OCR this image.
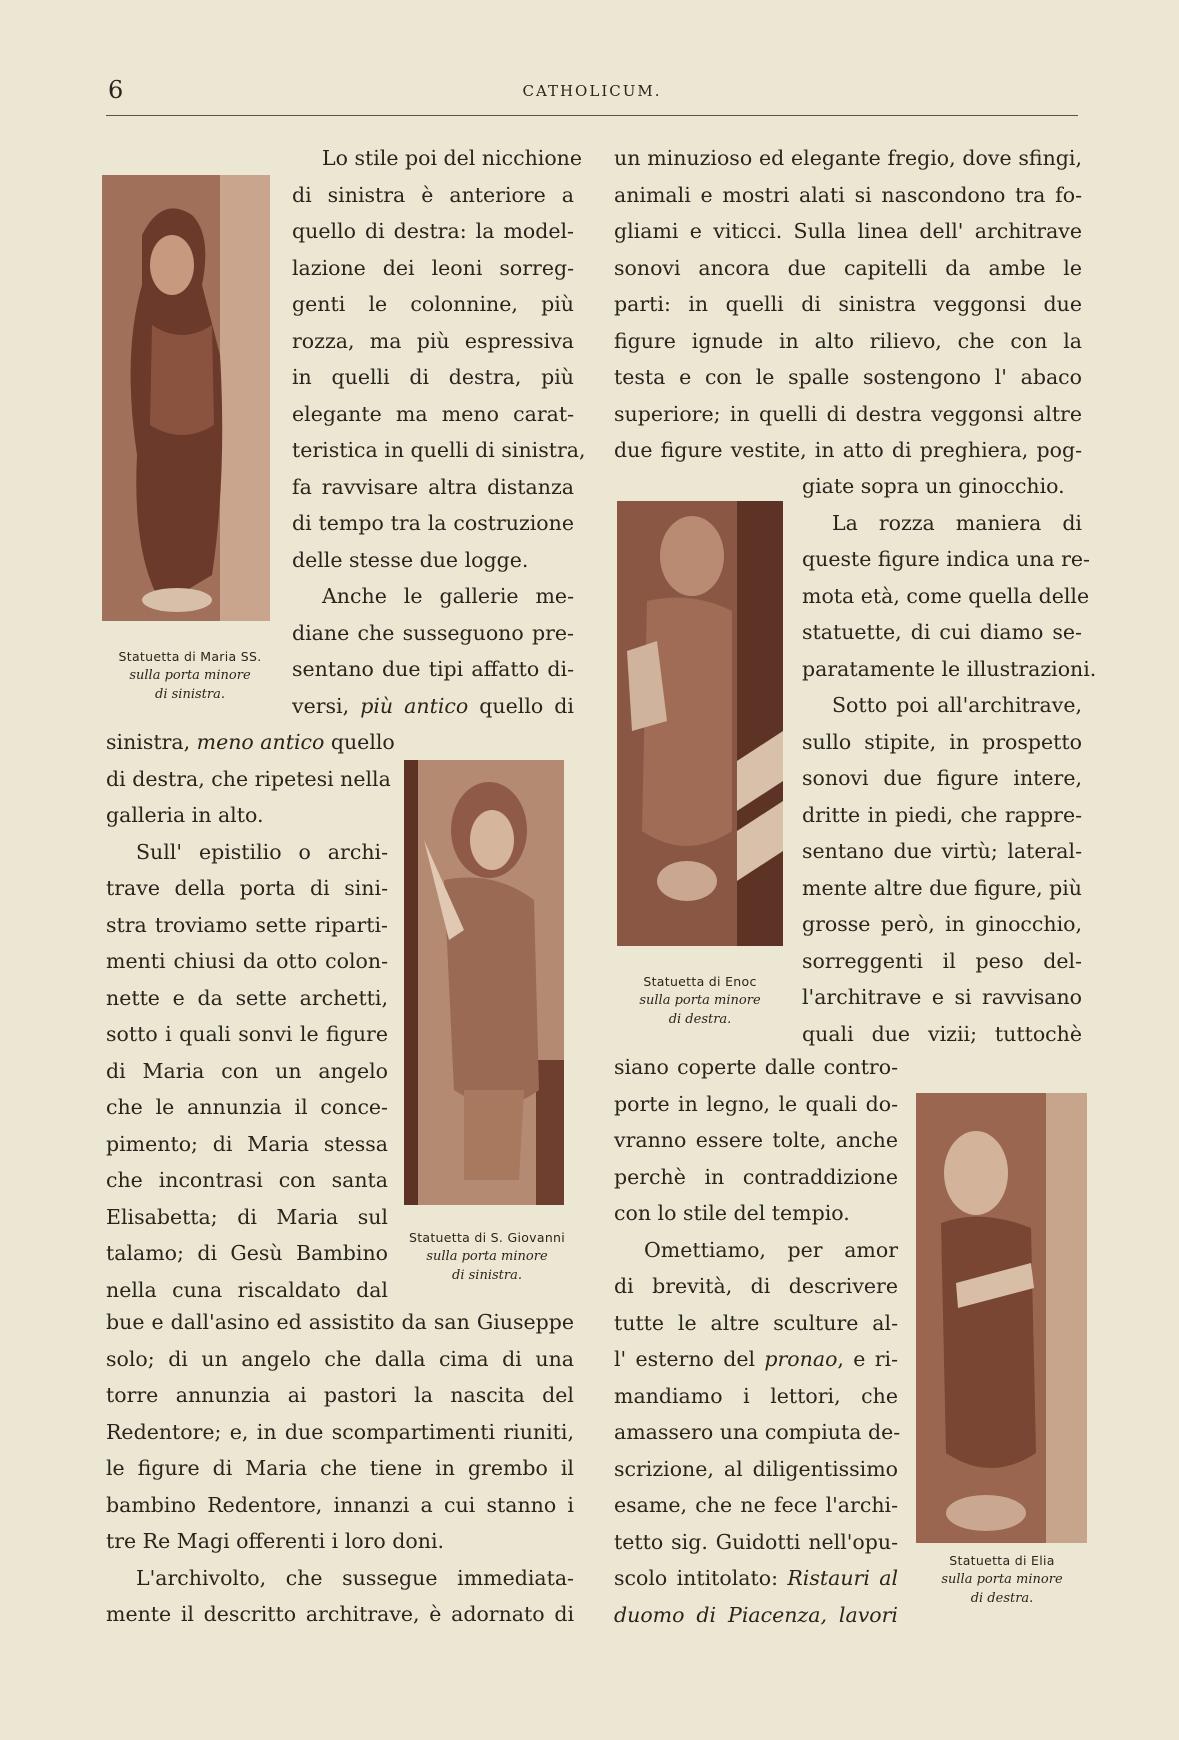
6	CATHOLICUM.
Statuetta di Maria SS.
sulla porta minore
di sinistra.
Statuetta di S. Giovanni
sulla porta minore
di sinistra.
Statuetta di Enoc
sulla porta minore
di destra.
Statuetta di Elia
sulla porta minore
di destra.
Lo stile poi del nicchione
di sinistra è anteriore a
quello di destra: la model-
lazione dei leoni sorreg-
genti le colonnine, più
rozza, ma più espressiva
in quelli di destra, più
elegante ma meno carat-
teristica in quelli di sinistra,
fa ravvisare altra distanza
di tempo tra la costruzione
delle stesse due logge.
Anche le gallerie me-
diane che susseguono pre-
sentano due tipi affatto di-
versi, più antico quello di
sinistra, meno antico quello
di destra, che ripetesi nella
galleria in alto.
Sull' epistilio o archi-
trave della porta di sini-
stra troviamo sette riparti-
menti chiusi da otto colon-
nette e da sette archetti,
sotto i quali sonvi le figure
di Maria con un angelo
che le annunzia il conce-
pimento; di Maria stessa
che incontrasi con santa
Elisabetta; di Maria sul
talamo; di Gesù Bambino
nella cuna riscaldato dal
bue e dall'asino ed assistito da san Giuseppe
solo; di un angelo che dalla cima di una
torre annunzia ai pastori la nascita del
Redentore; e, in due scompartimenti riuniti,
le figure di Maria che tiene in grembo il
bambino Redentore, innanzi a cui stanno i
tre Re Magi offerenti i loro doni.
L'archivolto, che sussegue immediata-
mente il descritto architrave, è adornato di
un minuzioso ed elegante fregio, dove sfingi,
animali e mostri alati si nascondono tra fo-
gliami e viticci. Sulla linea dell' architrave
sonovi ancora due capitelli da ambe le
parti: in quelli di sinistra veggonsi due
figure ignude in alto rilievo, che con la
testa e con le spalle sostengono l' abaco
superiore; in quelli di destra veggonsi altre
due figure vestite, in atto di preghiera, pog-
giate sopra un ginocchio.
La rozza maniera di
queste figure indica una re-
mota età, come quella delle
statuette, di cui diamo se-
paratamente le illustrazioni.
Sotto poi all'architrave,
sullo stipite, in prospetto
sonovi due figure intere,
dritte in piedi, che rappre-
sentano due virtù; lateral-
mente altre due figure, più
grosse però, in ginocchio,
sorreggenti il peso del-
l'architrave e si ravvisano
quali due vizii; tuttochè
siano coperte dalle contro-
porte in legno, le quali do-
vranno essere tolte, anche
perchè in contraddizione
con lo stile del tempio.
Omettiamo, per amor
di brevità, di descrivere
tutte le altre sculture al-
l' esterno del pronao, e ri-
mandiamo i lettori, che
amassero una compiuta de-
scrizione, al diligentissimo
esame, che ne fece l'archi-
tetto sig. Guidotti nell'opu-
scolo intitolato: Ristauri al
duomo di Piacenza, lavori
